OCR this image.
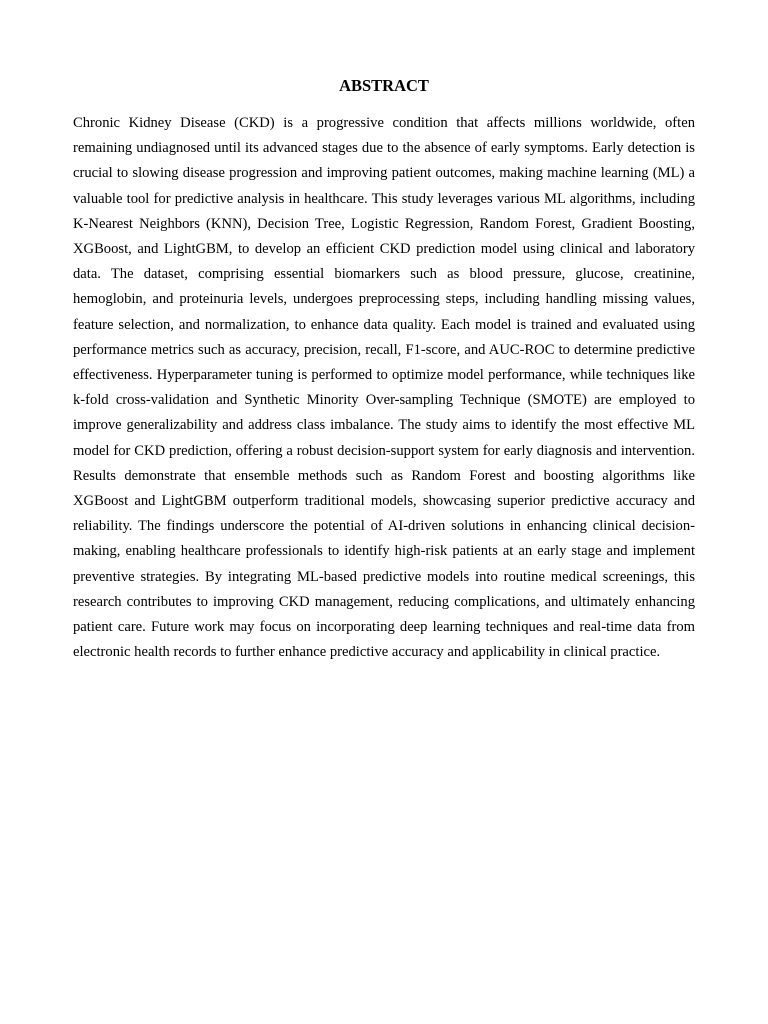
ABSTRACT

Chronic Kidney Disease (CKD) is a progressive condition that affects millions worldwide, often remaining undiagnosed until its advanced stages due to the absence of early symptoms. Early detection is crucial to slowing disease progression and improving patient outcomes, making machine learning (ML) a valuable tool for predictive analysis in healthcare. This study leverages various ML algorithms, including K-Nearest Neighbors (KNN), Decision Tree, Logistic Regression, Random Forest, Gradient Boosting, XGBoost, and LightGBM, to develop an efficient CKD prediction model using clinical and laboratory data. The dataset, comprising essential biomarkers such as blood pressure, glucose, creatinine, hemoglobin, and proteinuria levels, undergoes preprocessing steps, including handling missing values, feature selection, and normalization, to enhance data quality. Each model is trained and evaluated using performance metrics such as accuracy, precision, recall, F1-score, and AUC-ROC to determine predictive effectiveness. Hyperparameter tuning is performed to optimize model performance, while techniques like k-fold cross-validation and Synthetic Minority Over-sampling Technique (SMOTE) are employed to improve generalizability and address class imbalance. The study aims to identify the most effective ML model for CKD prediction, offering a robust decision-support system for early diagnosis and intervention. Results demonstrate that ensemble methods such as Random Forest and boosting algorithms like XGBoost and LightGBM outperform traditional models, showcasing superior predictive accuracy and reliability. The findings underscore the potential of AI-driven solutions in enhancing clinical decision-making, enabling healthcare professionals to identify high-risk patients at an early stage and implement preventive strategies. By integrating ML-based predictive models into routine medical screenings, this research contributes to improving CKD management, reducing complications, and ultimately enhancing patient care. Future work may focus on incorporating deep learning techniques and real-time data from electronic health records to further enhance predictive accuracy and applicability in clinical practice.
